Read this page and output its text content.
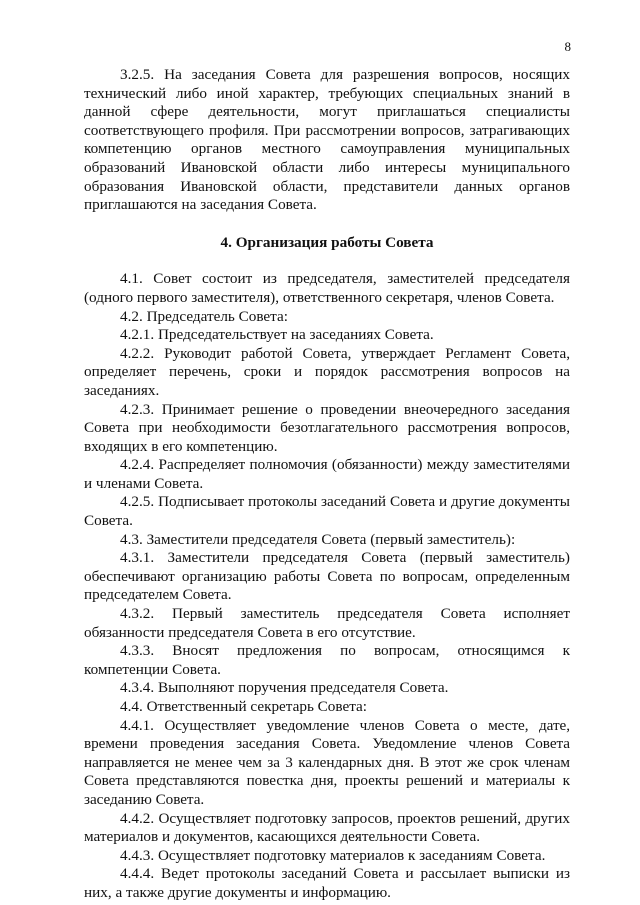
8

3.2.5. На заседания Совета для разрешения вопросов, носящих технический либо иной характер, требующих специальных знаний в данной сфере деятельности, могут приглашаться специалисты соответствующего профиля. При рассмотрении вопросов, затрагивающих компетенцию органов местного самоуправления муниципальных образований Ивановской области либо интересы муниципального образования Ивановской области, представители данных органов приглашаются на заседания Совета.

4. Организация работы Совета

4.1. Совет состоит из председателя, заместителей председателя (одного первого заместителя), ответственного секретаря, членов Совета.

4.2. Председатель Совета:

4.2.1. Председательствует на заседаниях Совета.

4.2.2. Руководит работой Совета, утверждает Регламент Совета, определяет перечень, сроки и порядок рассмотрения вопросов на заседаниях.

4.2.3. Принимает решение о проведении внеочередного заседания Совета при необходимости безотлагательного рассмотрения вопросов, входящих в его компетенцию.

4.2.4. Распределяет полномочия (обязанности) между заместителями и членами Совета.

4.2.5. Подписывает протоколы заседаний Совета и другие документы Совета.

4.3. Заместители председателя Совета (первый заместитель):

4.3.1. Заместители председателя Совета (первый заместитель) обеспечивают организацию работы Совета по вопросам, определенным председателем Совета.

4.3.2. Первый заместитель председателя Совета исполняет обязанности председателя Совета в его отсутствие.

4.3.3. Вносят предложения по вопросам, относящимся к компетенции Совета.

4.3.4. Выполняют поручения председателя Совета.

4.4. Ответственный секретарь Совета:

4.4.1. Осуществляет уведомление членов Совета о месте, дате, времени проведения заседания Совета. Уведомление членов Совета направляется не менее чем за 3 календарных дня. В этот же срок членам Совета представляются повестка дня, проекты решений и материалы к заседанию Совета.

4.4.2. Осуществляет подготовку запросов, проектов решений, других материалов и документов, касающихся деятельности Совета.

4.4.3. Осуществляет подготовку материалов к заседаниям Совета.

4.4.4. Ведет протоколы заседаний Совета и рассылает выписки из них, а также другие документы и информацию.
